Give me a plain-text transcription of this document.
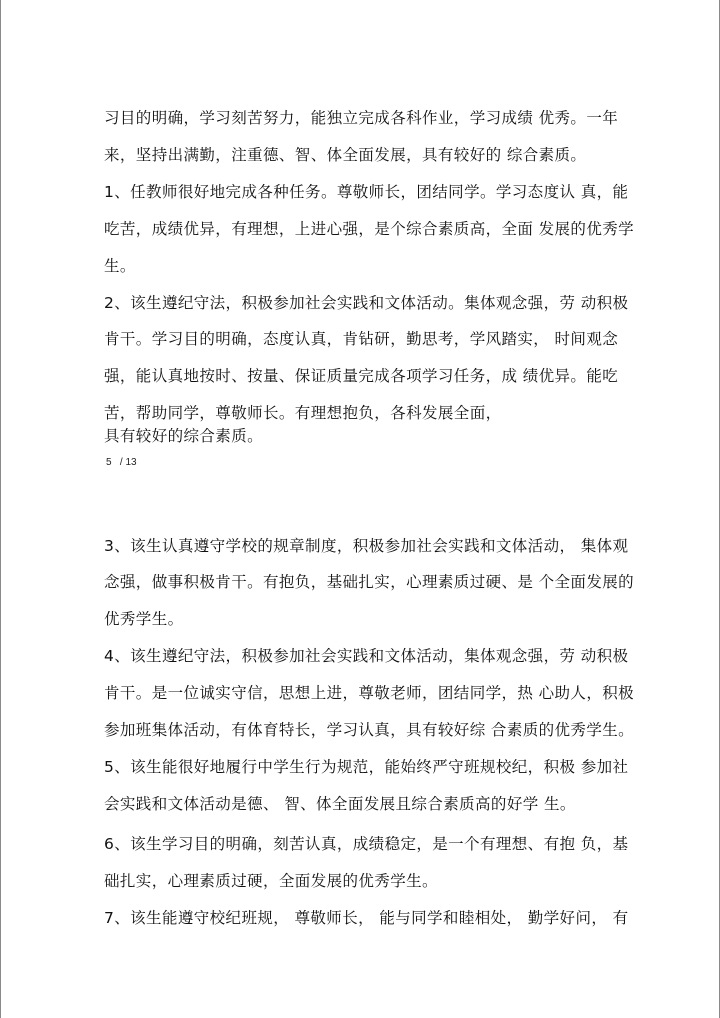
习目的明确，学习刻苦努力，能独立完成各科作业，学习成绩 优秀。一年
来，坚持出满勤，注重德、智、体全面发展，具有较好的 综合素质。
1、任教师很好地完成各种任务。尊敬师长，团结同学。学习态度认 真，能
吃苦，成绩优异，有理想，上进心强，是个综合素质高，全面 发展的优秀学
生。
2、该生遵纪守法，积极参加社会实践和文体活动。集体观念强，劳 动积极
肯干。学习目的明确，态度认真，肯钻研，勤思考，学风踏实， 时间观念
强，能认真地按时、按量、保证质量完成各项学习任务，成 绩优异。能吃
苦，帮助同学，尊敬师长。有理想抱负，各科发展全面，
具有较好的综合素质。
5 / 13
3、该生认真遵守学校的规章制度，积极参加社会实践和文体活动， 集体观
念强，做事积极肯干。有抱负，基础扎实，心理素质过硬、是 个全面发展的
优秀学生。
4、该生遵纪守法，积极参加社会实践和文体活动，集体观念强，劳 动积极
肯干。是一位诚实守信，思想上进，尊敬老师，团结同学，热 心助人，积极
参加班集体活动，有体育特长，学习认真，具有较好综 合素质的优秀学生。
5、该生能很好地履行中学生行为规范，能始终严守班规校纪，积极 参加社
会实践和文体活动是德、 智、体全面发展且综合素质高的好学 生。
6、该生学习目的明确，刻苦认真，成绩稳定，是一个有理想、有抱 负，基
础扎实，心理素质过硬，全面发展的优秀学生。
7、该生能遵守校纪班规， 尊敬师长， 能与同学和睦相处， 勤学好问， 有
